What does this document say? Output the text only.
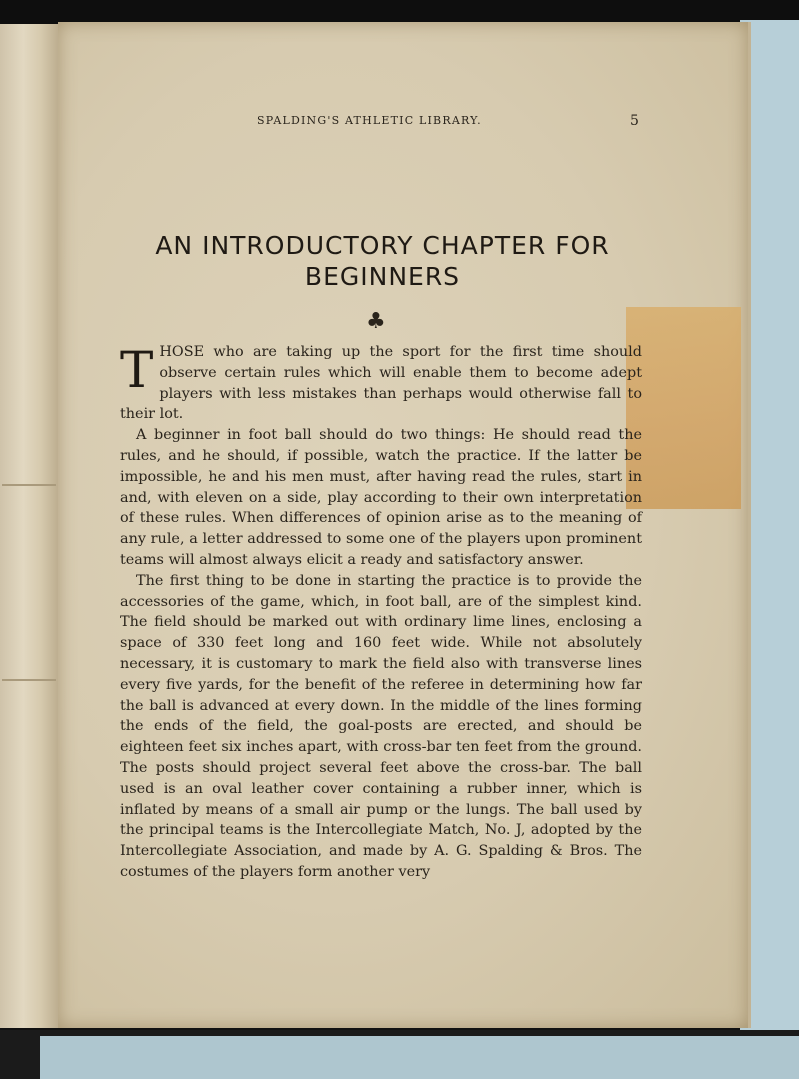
SPALDING'S ATHLETIC LIBRARY.	5
AN INTRODUCTORY CHAPTER FOR BEGINNERS
♣

THOSE who are taking up the sport for the first time should observe certain rules which will enable them to become adept players with less mistakes than perhaps would otherwise fall to their lot.

A beginner in foot ball should do two things: He should read the rules, and he should, if possible, watch the practice. If the latter be impossible, he and his men must, after having read the rules, start in and, with eleven on a side, play according to their own interpretation of these rules. When differences of opinion arise as to the meaning of any rule, a letter addressed to some one of the players upon prominent teams will almost always elicit a ready and satisfactory answer.

The first thing to be done in starting the practice is to provide the accessories of the game, which, in foot ball, are of the simplest kind. The field should be marked out with ordinary lime lines, enclosing a space of 330 feet long and 160 feet wide. While not absolutely necessary, it is customary to mark the field also with transverse lines every five yards, for the benefit of the referee in determining how far the ball is advanced at every down. In the middle of the lines forming the ends of the field, the goal-posts are erected, and should be eighteen feet six inches apart, with cross-bar ten feet from the ground. The posts should project several feet above the cross-bar. The ball used is an oval leather cover containing a rubber inner, which is inflated by means of a small air pump or the lungs. The ball used by the principal teams is the Intercollegiate Match, No. J, adopted by the Intercollegiate Association, and made by A. G. Spalding & Bros. The costumes of the players form another very
